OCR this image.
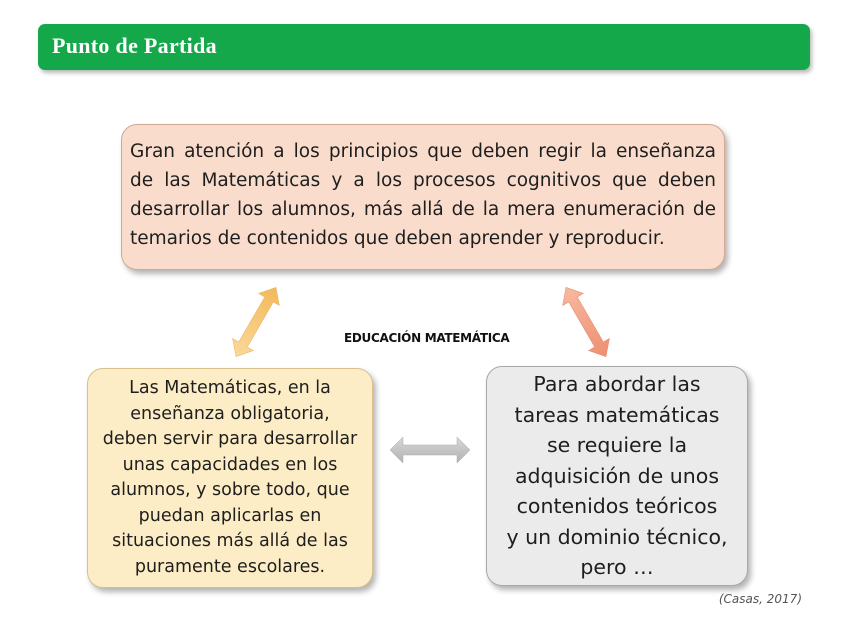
Punto de Partida
EDUCACIÓN MATEMÁTICA

Gran atención a los principios que deben regir la enseñanza

de las Matemáticas y a los procesos cognitivos que deben

desarrollar los alumnos, más allá de la mera enumeración de

temarios de contenidos que deben aprender y reproducir.

Las Matemáticas, en la
enseñanza obligatoria,
deben servir para desarrollar
unas capacidades en los
alumnos, y sobre todo, que
puedan aplicarlas en
situaciones más allá de las
puramente escolares.

Para abordar las
tareas matemáticas
se requiere la
adquisición de unos
contenidos teóricos
y un dominio técnico,
pero …

(Casas, 2017)
